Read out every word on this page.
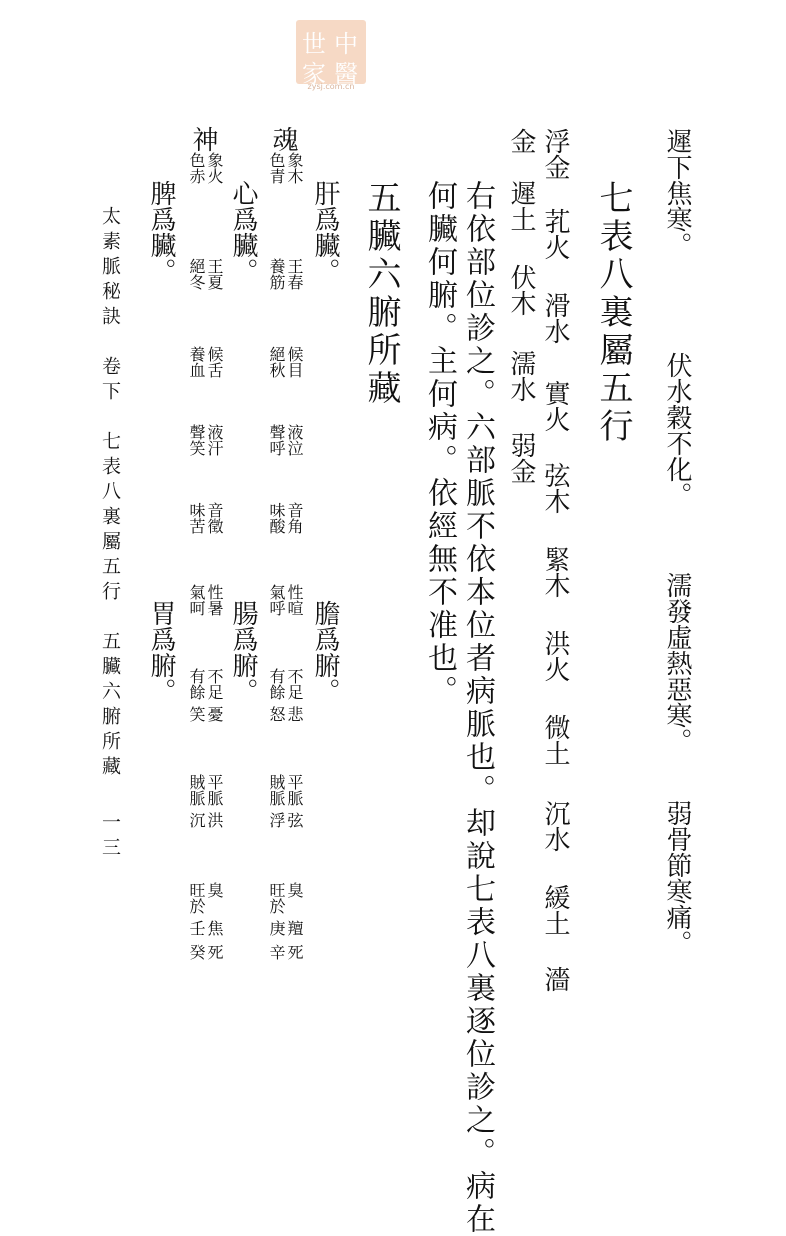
中
醫
世
家
zysj.com.cn
遲下焦寒。
伏水穀不化。
濡發虛熱惡寒。
弱骨節寒痛。
七表八裏屬五行
浮金
芤火
滑水
實火
弦木
緊木
洪火
微土
沉水
緩土
濇
金
遲土
伏木
濡水
弱金
右依部位診之。六部脈不依本位者病脈也。却說七表八裏逐位診之。病在
何臟何腑。主何病。依經無不准也。
五臟六腑所藏
魂
肝爲臟。
心爲臟。
神
脾爲臟。
膽爲腑。
腸爲腑。
胃爲腑。
象木
色青
象火
色赤
王春
養筋
王夏
絕冬
候目
絕秋
候舌
養血
液泣
聲呼
液汗
聲笑
音角
味酸
音徵
味苦
性喧
氣呼
性暑
氣呵
不足
有餘
悲
怒
不足
有餘
憂
笑
平脈
賊脈
弦
浮
平脈
賊脈
洪
沉
臭
旺於
羶
庚
死
辛
臭
旺於
焦
壬
死
癸
太素脈秘訣　卷下　七表八裏屬五行　五臟六腑所藏
一三
